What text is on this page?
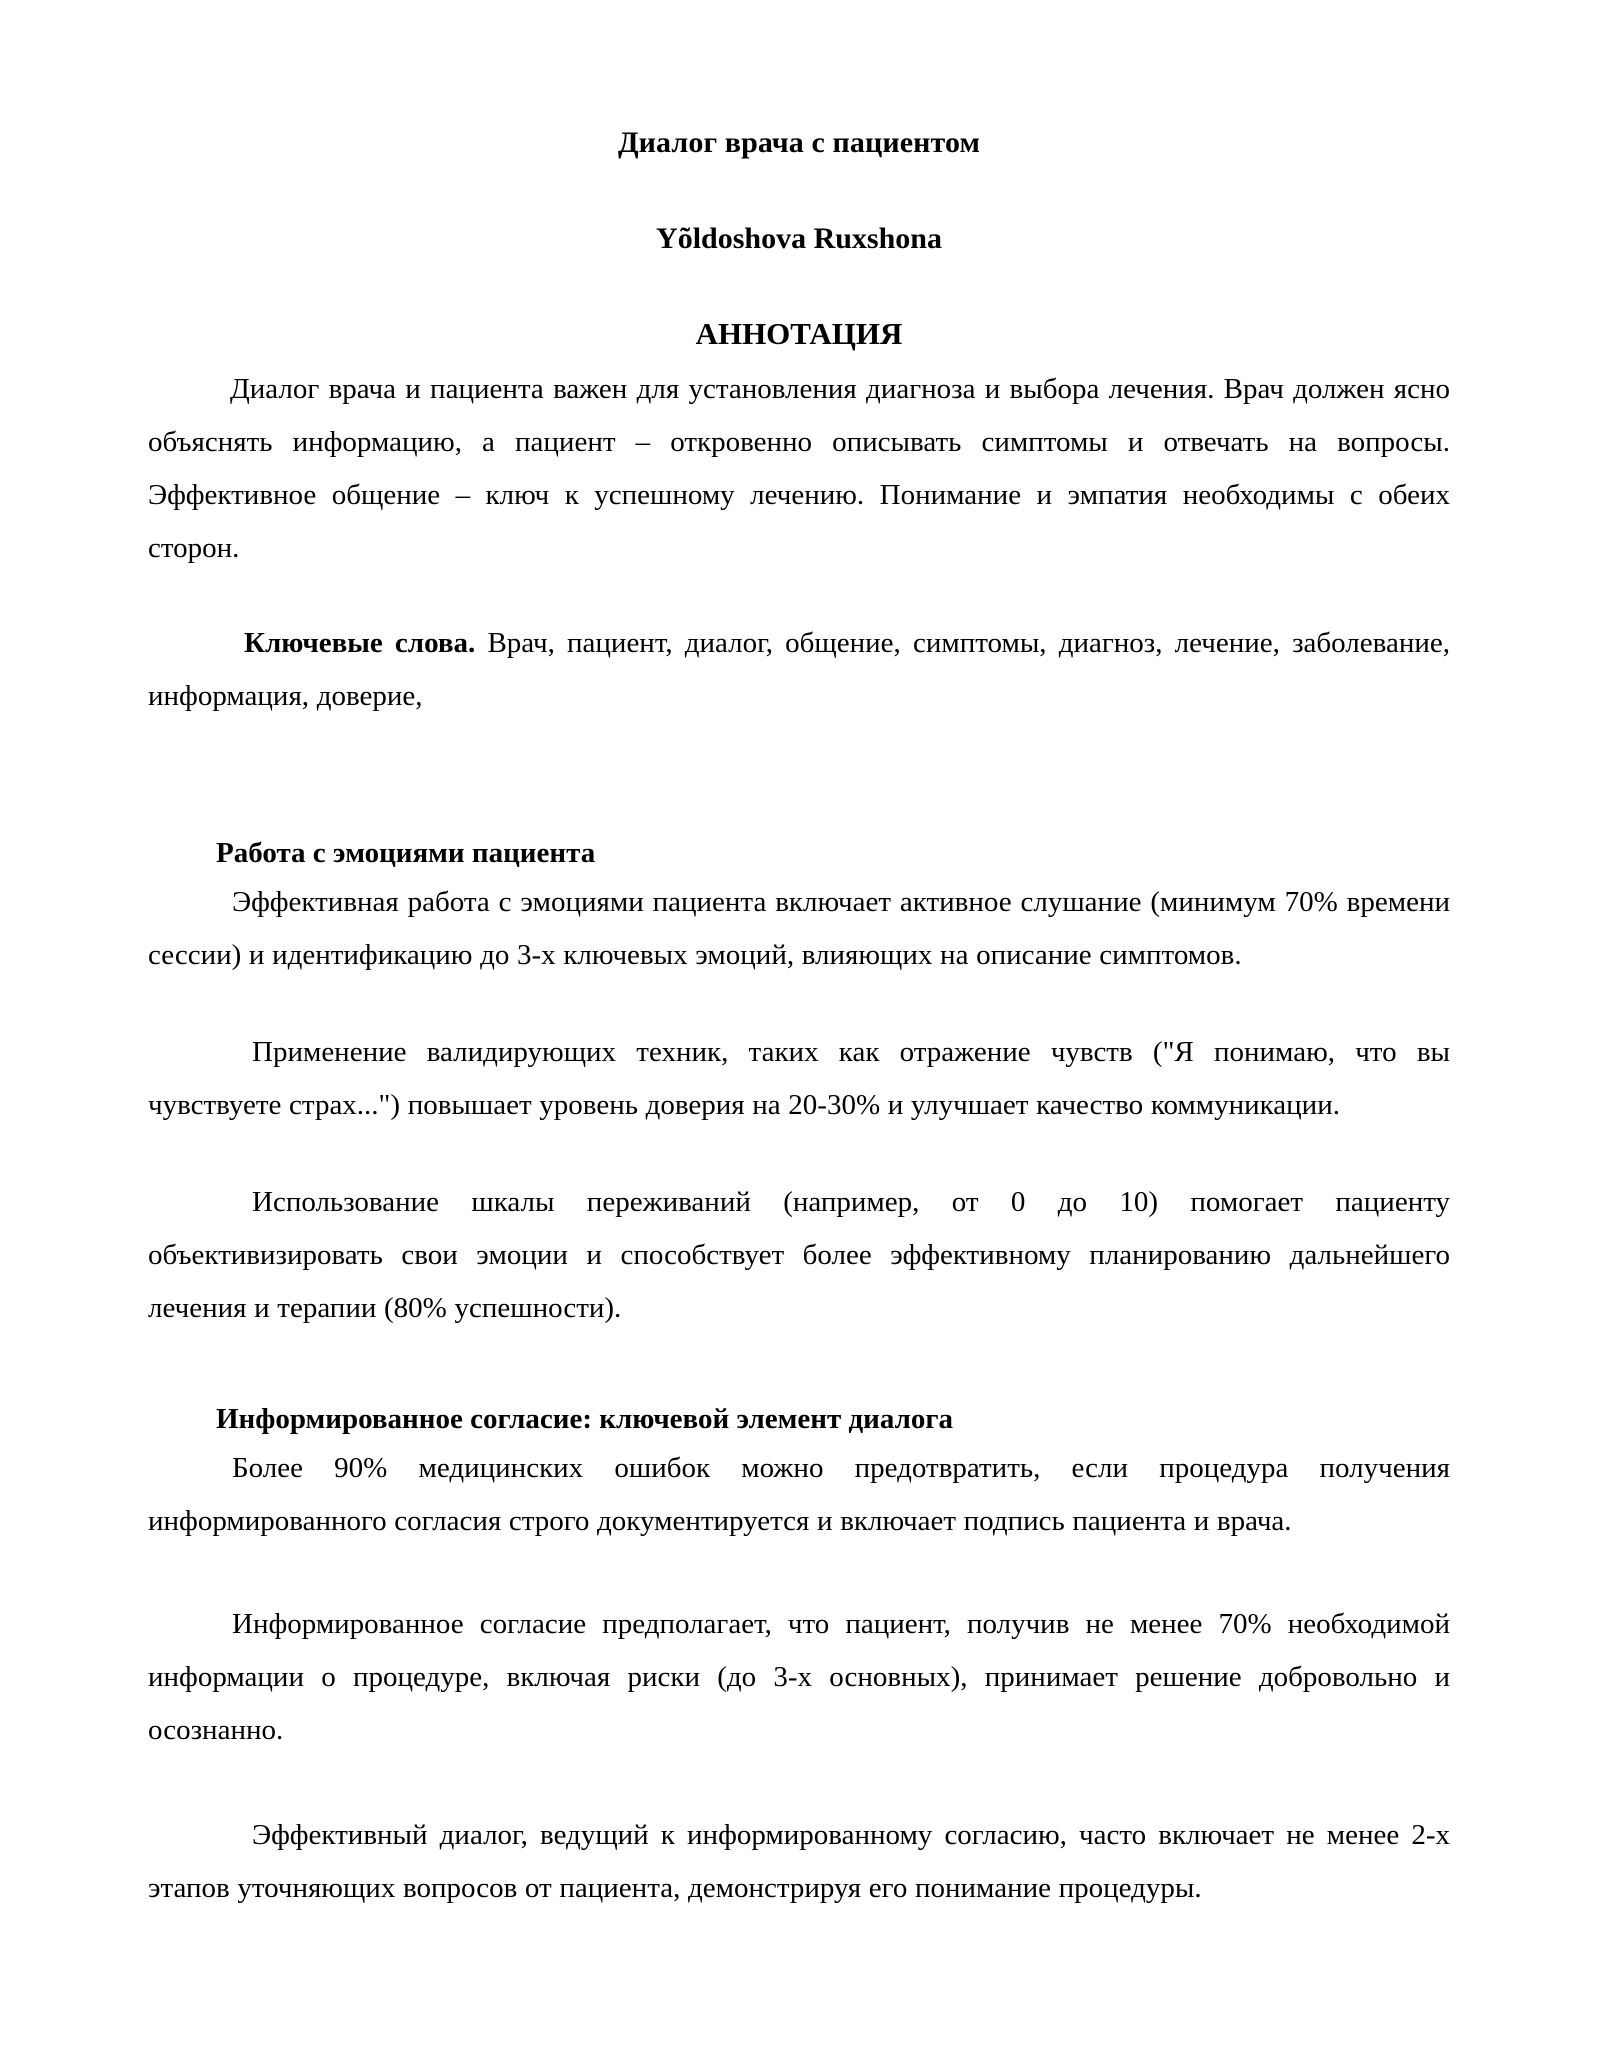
Диалог врача с пациентом
Yõldoshova Ruxshona
АННОТАЦИЯ

Диалог врача и пациента важен для установления диагноза и выбора лечения. Врач должен ясно объяснять информацию, а пациент – откровенно описывать симптомы и отвечать на вопросы. Эффективное общение – ключ к успешному лечению. Понимание и эмпатия необходимы с обеих сторон.

Ключевые слова. Врач, пациент, диалог, общение, симптомы, диагноз, лечение, заболевание, информация, доверие,

Работа с эмоциями пациента

Эффективная работа с эмоциями пациента включает активное слушание (минимум 70% времени сессии) и идентификацию до 3-х ключевых эмоций, влияющих на описание симптомов.

Применение валидирующих техник, таких как отражение чувств ("Я понимаю, что вы чувствуете страх...") повышает уровень доверия на 20-30% и улучшает качество коммуникации.

Использование шкалы переживаний (например, от 0 до 10) помогает пациенту объективизировать свои эмоции и способствует более эффективному планированию дальнейшего лечения и терапии (80% успешности).

Информированное согласие: ключевой элемент диалога

Более 90% медицинских ошибок можно предотвратить, если процедура получения информированного согласия строго документируется и включает подпись пациента и врача.

Информированное согласие предполагает, что пациент, получив не менее 70% необходимой информации о процедуре, включая риски (до 3-х основных), принимает решение добровольно и осознанно.

Эффективный диалог, ведущий к информированному согласию, часто включает не менее 2-х этапов уточняющих вопросов от пациента, демонстрируя его понимание процедуры.
